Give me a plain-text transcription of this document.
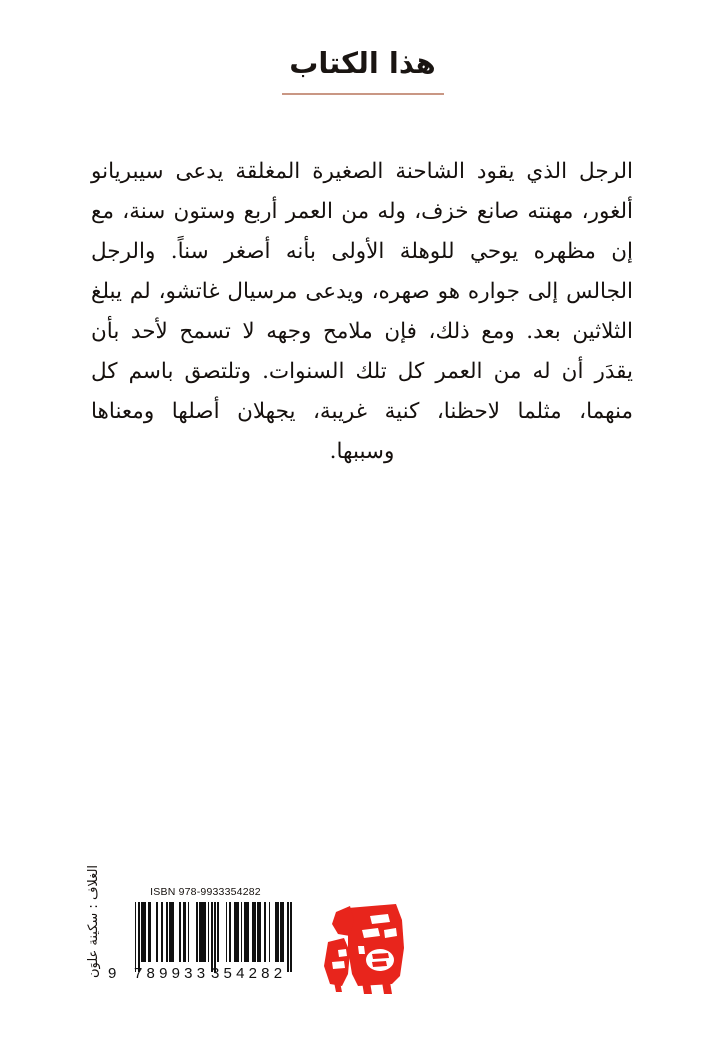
هذا الكتاب
الرجل الذي يقود الشاحنة الصغيرة المغلقة يدعى سيبريانو ألغور، مهنته صانع خزف، وله من العمر أربع وستون سنة، مع إن مظهره يوحي للوهلة الأولى بأنه أصغر سناً. والرجل الجالس إلى جواره هو صهره، ويدعى مرسيال غاتشو، لم يبلغ الثلاثين بعد. ومع ذلك، فإن ملامح وجهه لا تسمح لأحد بأن يقدَر أن له من العمر كل تلك السنوات. وتلتصق باسم كل منهما، مثلما لاحظنا، كنية غريبة، يجهلان أصلها ومعناها وسببها.
الغلاف : سكينة علوَن	ISBN 978-9933354282
9 789933 354282
